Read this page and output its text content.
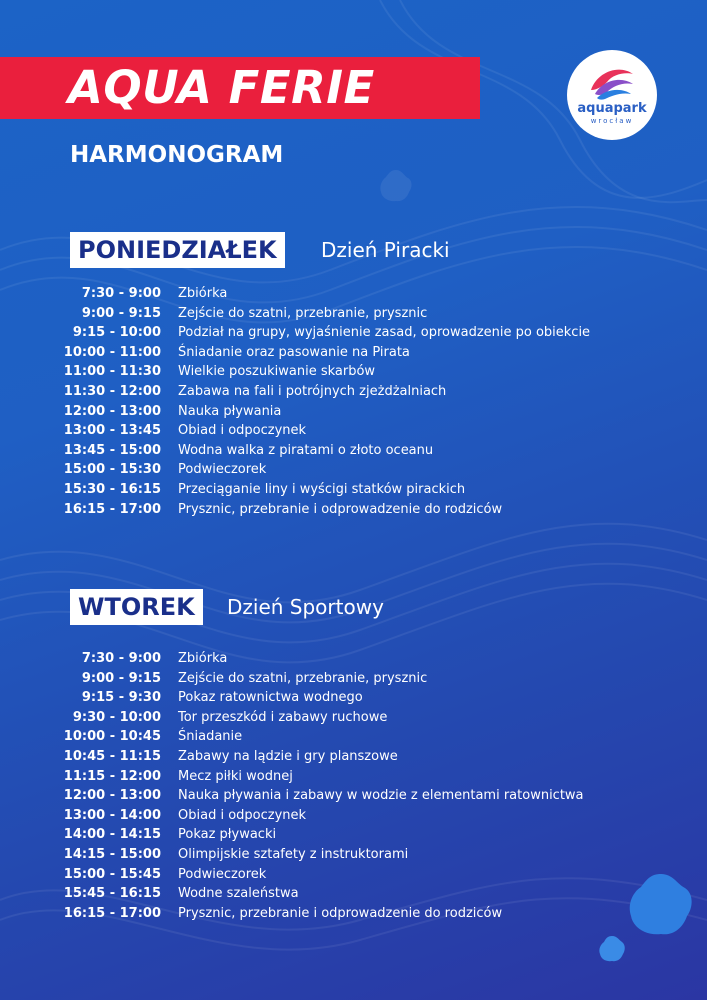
AQUA FERIE
HARMONOGRAM
aquapark
wrocław
PONIEDZIAŁEK	Dzień Piracki
7:30 - 9:00 Zbiórka
9:00 - 9:15 Zejście do szatni, przebranie, prysznic
9:15 - 10:00 Podział na grupy, wyjaśnienie zasad, oprowadzenie po obiekcie
10:00 - 11:00 Śniadanie oraz pasowanie na Pirata
11:00 - 11:30 Wielkie poszukiwanie skarbów
11:30 - 12:00 Zabawa na fali i potrójnych zjeżdżalniach
12:00 - 13:00 Nauka pływania
13:00 - 13:45 Obiad i odpoczynek
13:45 - 15:00 Wodna walka z piratami o złoto oceanu
15:00 - 15:30 Podwieczorek
15:30 - 16:15 Przeciąganie liny i wyścigi statków pirackich
16:15 - 17:00 Prysznic, przebranie i odprowadzenie do rodziców
WTOREK	Dzień Sportowy
7:30 - 9:00 Zbiórka
9:00 - 9:15 Zejście do szatni, przebranie, prysznic
9:15 - 9:30 Pokaz ratownictwa wodnego
9:30 - 10:00 Tor przeszkód i zabawy ruchowe
10:00 - 10:45 Śniadanie
10:45 - 11:15 Zabawy na lądzie i gry planszowe
11:15 - 12:00 Mecz piłki wodnej
12:00 - 13:00 Nauka pływania i zabawy w wodzie z elementami ratownictwa
13:00 - 14:00 Obiad i odpoczynek
14:00 - 14:15 Pokaz pływacki
14:15 - 15:00 Olimpijskie sztafety z instruktorami
15:00 - 15:45 Podwieczorek
15:45 - 16:15 Wodne szaleństwa
16:15 - 17:00 Prysznic, przebranie i odprowadzenie do rodziców
